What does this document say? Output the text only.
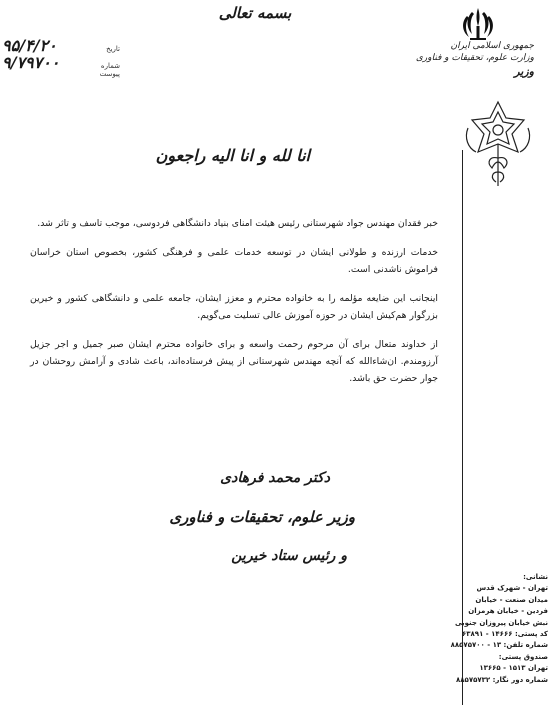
بسمه تعالی
تاریخ
۹۵/۴/۲۰
شماره
۹/۷۹۷۰۰
پیوست
جمهوری اسلامی ایران
وزارت علوم، تحقیقات و فناوری
وزیر
انا لله و انا الیه راجعون

خبر فقدان مهندس جواد شهرستانی رئیس هیئت امنای بنیاد دانشگاهی فردوسی، موجب تاسف و تاثر شد.

خدمات ارزنده و طولانی ایشان در توسعه خدمات علمی و فرهنگی کشور، بخصوص استان خراسان فراموش ناشدنی است.

اینجانب این ضایعه مؤلمه را به خانواده محترم و معزز ایشان، جامعه علمی و دانشگاهی کشور و خیرین بزرگوار هم‌کیش ایشان در حوزه آموزش عالی تسلیت می‌گویم.

از خداوند متعال برای آن مرحوم رحمت واسعه و برای خانواده محترم ایشان صبر جمیل و اجر جزیل آرزومندم. ان‌شاءالله که آنچه مهندس شهرستانی از پیش فرستاده‌اند، باعث شادی و آرامش روحشان در جوار حضرت حق باشد.

دکتر محمد فرهادی
وزیر علوم، تحقیقات و فناوری
و رئیس ستاد خیرین
نشانی:
تهران - شهرک قدس
میدان صنعت - خیابان
فردین - خیابان هرمزان
نبش خیابان پیروزان جنوبی
کد پستی: ۱۴۶۶۶ - ۶۳۸۹۱
شماره تلفن: ۱۳ - ۸۸۵۷۵۷۰۰
صندوق پستی:
تهران ۱۵۱۳ - ۱۳۶۶۵
شماره دور نگار: ۸۸۵۷۵۷۳۲
